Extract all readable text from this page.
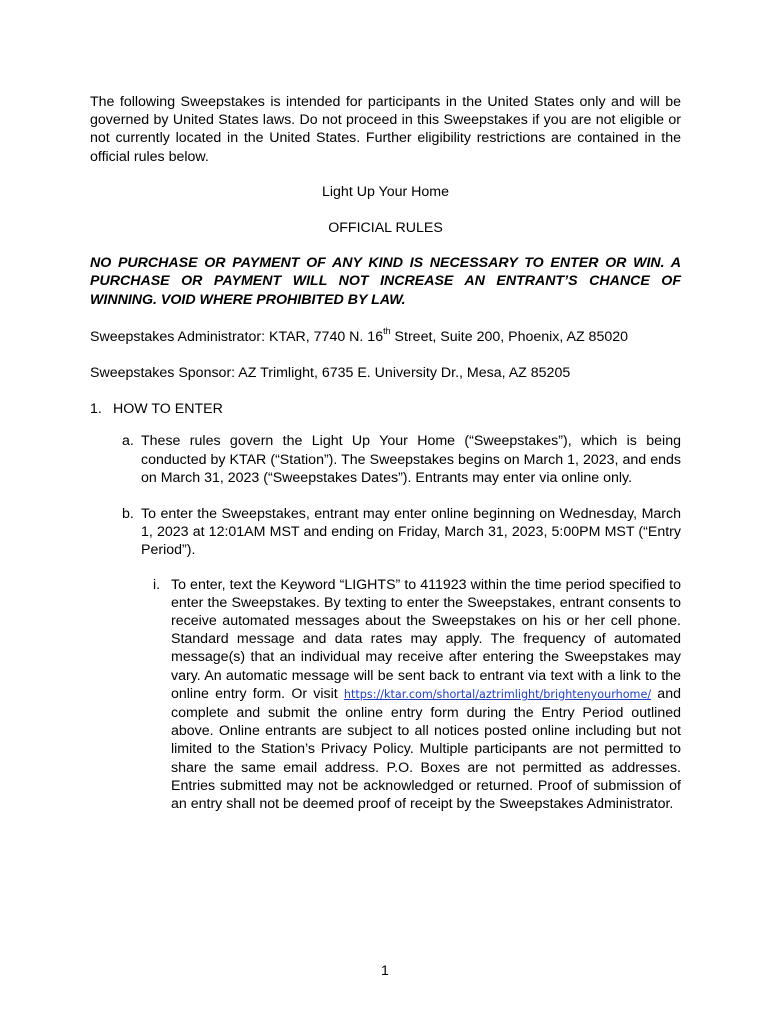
The following Sweepstakes is intended for participants in the United States only and will be governed by United States laws. Do not proceed in this Sweepstakes if you are not eligible or not currently located in the United States. Further eligibility restrictions are contained in the official rules below.

Light Up Your Home

OFFICIAL RULES

NO PURCHASE OR PAYMENT OF ANY KIND IS NECESSARY TO ENTER OR WIN. A PURCHASE OR PAYMENT WILL NOT INCREASE AN ENTRANT’S CHANCE OF WINNING. VOID WHERE PROHIBITED BY LAW.

Sweepstakes Administrator: KTAR, 7740 N. 16th Street, Suite 200, Phoenix, AZ 85020

Sweepstakes Sponsor: AZ Trimlight, 6735 E. University Dr., Mesa, AZ 85205

1. HOW TO ENTER

a. These rules govern the Light Up Your Home (“Sweepstakes”), which is being conducted by KTAR (“Station”). The Sweepstakes begins on March 1, 2023, and ends on March 31, 2023 (“Sweepstakes Dates”). Entrants may enter via online only.

b. To enter the Sweepstakes, entrant may enter online beginning on Wednesday, March 1, 2023 at 12:01AM MST and ending on Friday, March 31, 2023, 5:00PM MST (“Entry Period”).

i. To enter, text the Keyword “LIGHTS” to 411923 within the time period specified to enter the Sweepstakes. By texting to enter the Sweepstakes, entrant consents to receive automated messages about the Sweepstakes on his or her cell phone. Standard message and data rates may apply. The frequency of automated message(s) that an individual may receive after entering the Sweepstakes may vary. An automatic message will be sent back to entrant via text with a link to the online entry form. Or visit https://ktar.com/shortal/aztrimlight/brightenyourhome/ and complete and submit the online entry form during the Entry Period outlined above. Online entrants are subject to all notices posted online including but not limited to the Station’s Privacy Policy. Multiple participants are not permitted to share the same email address. P.O. Boxes are not permitted as addresses. Entries submitted may not be acknowledged or returned. Proof of submission of an entry shall not be deemed proof of receipt by the Sweepstakes Administrator.

1
